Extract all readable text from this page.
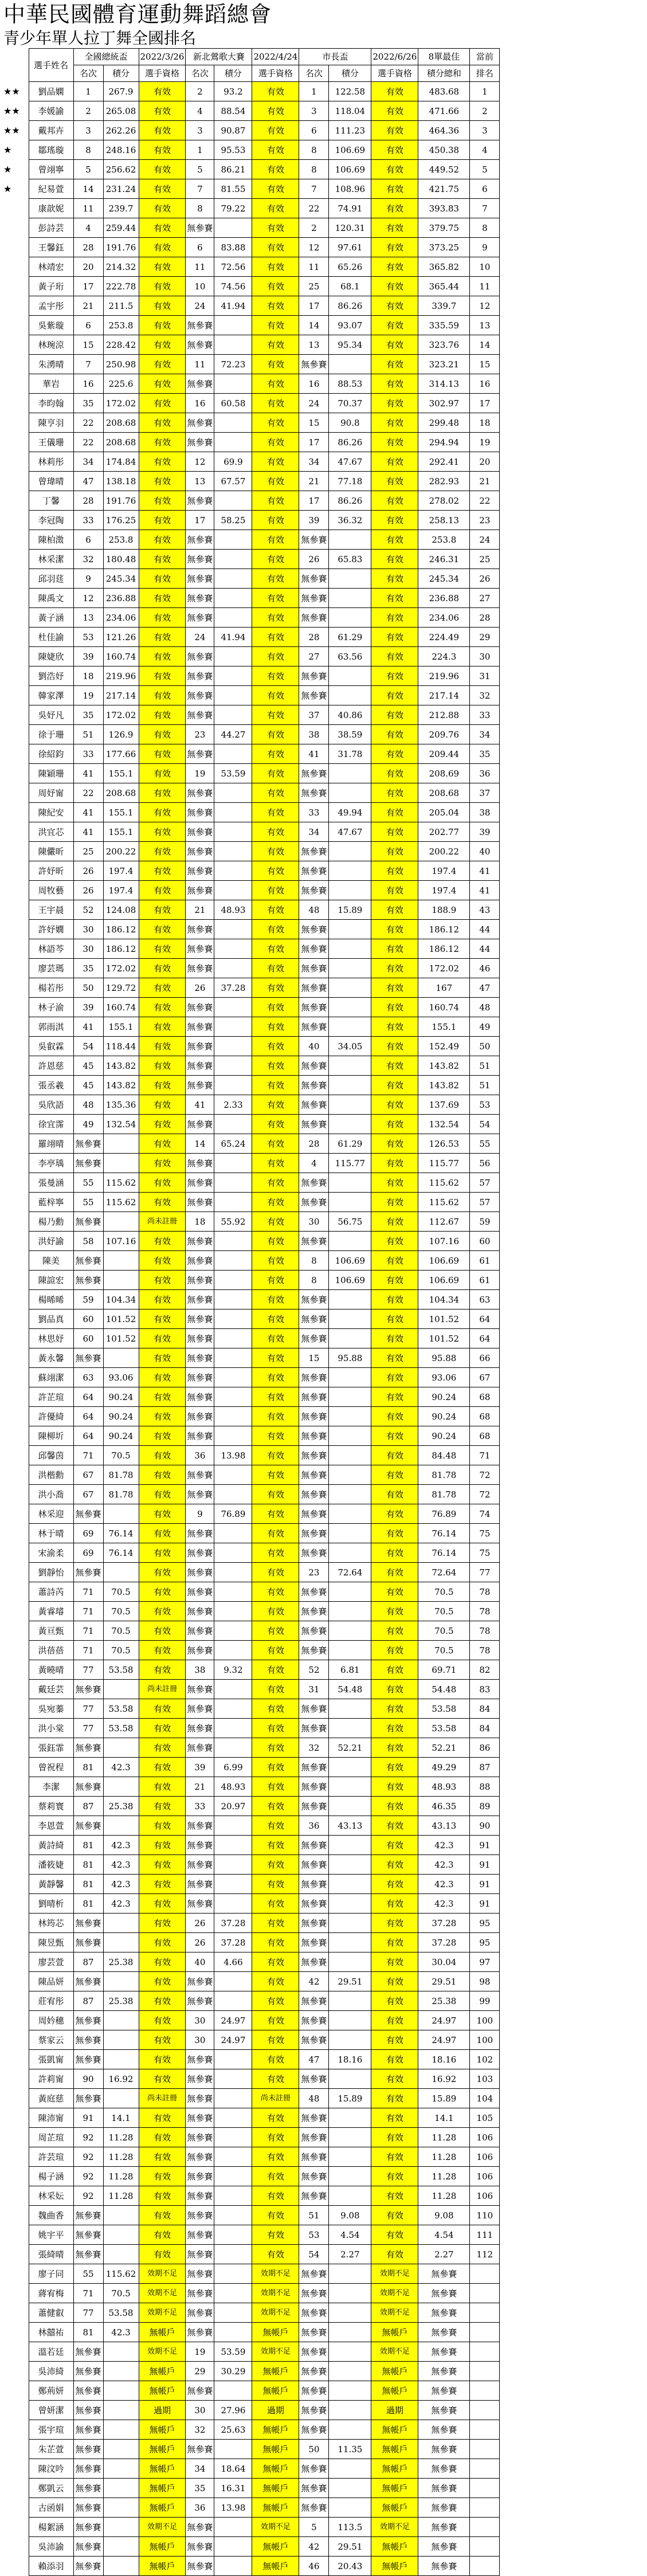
中華民國體育運動舞蹈總會
青少年單人拉丁舞全國排名
	選手姓名	全國總統盃		2022/3/26	新北鶯歌大賽		2022/4/24	市長盃		2022/6/26	8單最佳	當前
		名次	積分	選手資格	名次	積分	選手資格	名次	積分	選手資格	積分總和	排名
★★	劉品嫻	1	267.9	有效	2	93.2	有效	1	122.58	有效	483.68	1
★★	李媛諭	2	265.08	有效	4	88.54	有效	3	118.04	有效	471.66	2
★★	戴邦卉	3	262.26	有效	3	90.87	有效	6	111.23	有效	464.36	3
★	鄒瑤璇	8	248.16	有效	1	95.53	有效	8	106.69	有效	450.38	4
★	曾翊寧	5	256.62	有效	5	86.21	有效	8	106.69	有效	449.52	5
★	紀易萱	14	231.24	有效	7	81.55	有效	7	108.96	有效	421.75	6
	康歆妮	11	239.7	有效	8	79.22	有效	22	74.91	有效	393.83	7
	彭詩芸	4	259.44	有效	無參賽		有效	2	120.31	有效	379.75	8
	王馨鈺	28	191.76	有效	6	83.88	有效	12	97.61	有效	373.25	9
	林靖宏	20	214.32	有效	11	72.56	有效	11	65.26	有效	365.82	10
	黃子珩	17	222.78	有效	10	74.56	有效	25	68.1	有效	365.44	11
	孟宇彤	21	211.5	有效	24	41.94	有效	17	86.26	有效	339.7	12
	吳紫璇	6	253.8	有效	無參賽		有效	14	93.07	有效	335.59	13
	林琬涼	15	228.42	有效	無參賽		有效	13	95.34	有效	323.76	14
	朱湧晴	7	250.98	有效	11	72.23	有效	無參賽		有效	323.21	15
	華岩	16	225.6	有效	無參賽		有效	16	88.53	有效	314.13	16
	李昀翰	35	172.02	有效	16	60.58	有效	24	70.37	有效	302.97	17
	陳亨羽	22	208.68	有效	無參賽		有效	15	90.8	有效	299.48	18
	王儀珊	22	208.68	有效	無參賽		有效	17	86.26	有效	294.94	19
	林莉彤	34	174.84	有效	12	69.9	有效	34	47.67	有效	292.41	20
	曾瑋晴	47	138.18	有效	13	67.57	有效	21	77.18	有效	282.93	21
	丁馨	28	191.76	有效	無參賽		有效	17	86.26	有效	278.02	22
	李冠陶	33	176.25	有效	17	58.25	有效	39	36.32	有效	258.13	23
	陳柏澂	6	253.8	有效	無參賽		有效	無參賽		有效	253.8	24
	林采潔	32	180.48	有效	無參賽		有效	26	65.83	有效	246.31	25
	邱羽莛	9	245.34	有效	無參賽		有效	無參賽		有效	245.34	26
	陳禹文	12	236.88	有效	無參賽		有效	無參賽		有效	236.88	27
	黃子涵	13	234.06	有效	無參賽		有效	無參賽		有效	234.06	28
	杜佳諭	53	121.26	有效	24	41.94	有效	28	61.29	有效	224.49	29
	陳婕欣	39	160.74	有效	無參賽		有效	27	63.56	有效	224.3	30
	劉浩妤	18	219.96	有效	無參賽		有效	無參賽		有效	219.96	31
	韓家澤	19	217.14	有效	無參賽		有效	無參賽		有效	217.14	32
	吳妤凡	35	172.02	有效	無參賽		有效	37	40.86	有效	212.88	33
	徐于珊	51	126.9	有效	23	44.27	有效	38	38.59	有效	209.76	34
	徐紹鈞	33	177.66	有效	無參賽		有效	41	31.78	有效	209.44	35
	陳穎珊	41	155.1	有效	19	53.59	有效	無參賽		有效	208.69	36
	周妤甯	22	208.68	有效	無參賽		有效	無參賽		有效	208.68	37
	陳紀安	41	155.1	有效	無參賽		有效	33	49.94	有效	205.04	38
	洪宜芯	41	155.1	有效	無參賽		有效	34	47.67	有效	202.77	39
	陳儼昕	25	200.22	有效	無參賽		有效	無參賽		有效	200.22	40
	許妤昕	26	197.4	有效	無參賽		有效	無參賽		有效	197.4	41
	周牧藝	26	197.4	有效	無參賽		有效	無參賽		有效	197.4	41
	王宇晨	52	124.08	有效	21	48.93	有效	48	15.89	有效	188.9	43
	許妤嫺	30	186.12	有效	無參賽		有效	無參賽		有效	186.12	44
	林語芩	30	186.12	有效	無參賽		有效	無參賽		有效	186.12	44
	廖芸瑪	35	172.02	有效	無參賽		有效	無參賽		有效	172.02	46
	楊若彤	50	129.72	有效	26	37.28	有效	無參賽		有效	167	47
	林子渝	39	160.74	有效	無參賽		有效	無參賽		有效	160.74	48
	郭雨淇	41	155.1	有效	無參賽		有效	無參賽		有效	155.1	49
	吳叡霖	54	118.44	有效	無參賽		有效	40	34.05	有效	152.49	50
	許恩慈	45	143.82	有效	無參賽		有效	無參賽		有效	143.82	51
	張丞羲	45	143.82	有效	無參賽		有效	無參賽		有效	143.82	51
	吳欣語	48	135.36	有效	41	2.33	有效	無參賽		有效	137.69	53
	徐宜霈	49	132.54	有效	無參賽		有效	無參賽		有效	132.54	54
	羅翊晴	無參賽		有效	14	65.24	有效	28	61.29	有效	126.53	55
	李亭瑀	無參賽		有效	無參賽		有效	4	115.77	有效	115.77	56
	張曼涵	55	115.62	有效	無參賽		有效	無參賽		有效	115.62	57
	藍梓寧	55	115.62	有效	無參賽		有效	無參賽		有效	115.62	57
	楊乃勳	無參賽		尚未註冊	18	55.92	有效	30	56.75	有效	112.67	59
	洪妤諭	58	107.16	有效	無參賽		有效	無參賽		有效	107.16	60
	陳美	無參賽		有效	無參賽		有效	8	106.69	有效	106.69	61
	陳諠宏	無參賽		有效	無參賽		有效	8	106.69	有效	106.69	61
	楊晞晞	59	104.34	有效	無參賽		有效	無參賽		有效	104.34	63
	劉品真	60	101.52	有效	無參賽		有效	無參賽		有效	101.52	64
	林思妤	60	101.52	有效	無參賽		有效	無參賽		有效	101.52	64
	黃永馨	無參賽		有效	無參賽		有效	15	95.88	有效	95.88	66
	蘇翊潔	63	93.06	有效	無參賽		有效	無參賽		有效	93.06	67
	許芷瑄	64	90.24	有效	無參賽		有效	無參賽		有效	90.24	68
	許優綺	64	90.24	有效	無參賽		有效	無參賽		有效	90.24	68
	陳柳圻	64	90.24	有效	無參賽		有效	無參賽		有效	90.24	68
	邱馨茵	71	70.5	有效	36	13.98	有效	無參賽		有效	84.48	71
	洪楷勳	67	81.78	有效	無參賽		有效	無參賽		有效	81.78	72
	洪小喬	67	81.78	有效	無參賽		有效	無參賽		有效	81.78	72
	林采迎	無參賽		有效	9	76.89	有效	無參賽		有效	76.89	74
	林于晴	69	76.14	有效	無參賽		有效	無參賽		有效	76.14	75
	宋渝柔	69	76.14	有效	無參賽		有效	無參賽		有效	76.14	75
	劉靜怡	無參賽		有效	無參賽		有效	23	72.64	有效	72.64	77
	蕭詩芮	71	70.5	有效	無參賽		有效	無參賽		有效	70.5	78
	黃睿璿	71	70.5	有效	無參賽		有效	無參賽		有效	70.5	78
	黃亘甄	71	70.5	有效	無參賽		有效	無參賽		有效	70.5	78
	洪蓓蓓	71	70.5	有效	無參賽		有效	無參賽		有效	70.5	78
	黃曉晴	77	53.58	有效	38	9.32	有效	52	6.81	有效	69.71	82
	戴廷芸	無參賽		尚未註冊	無參賽		有效	31	54.48	有效	54.48	83
	吳宛蓁	77	53.58	有效	無參賽		有效	無參賽		有效	53.58	84
	洪小棠	77	53.58	有效	無參賽		有效	無參賽		有效	53.58	84
	張鈺霏	無參賽		有效	無參賽		有效	32	52.21	有效	52.21	86
	曾祝程	81	42.3	有效	39	6.99	有效	無參賽		有效	49.29	87
	李潔	無參賽		有效	21	48.93	有效	無參賽		有效	48.93	88
	蔡莉寰	87	25.38	有效	33	20.97	有效	無參賽		有效	46.35	89
	李恩萱	無參賽		有效	無參賽		有效	36	43.13	有效	43.13	90
	黃詩綺	81	42.3	有效	無參賽		有效	無參賽		有效	42.3	91
	潘筱婕	81	42.3	有效	無參賽		有效	無參賽		有效	42.3	91
	黃靜馨	81	42.3	有效	無參賽		有效	無參賽		有效	42.3	91
	劉晴析	81	42.3	有效	無參賽		有效	無參賽		有效	42.3	91
	林筠芯	無參賽		有效	26	37.28	有效	無參賽		有效	37.28	95
	陳昱甄	無參賽		有效	26	37.28	有效	無參賽		有效	37.28	95
	廖芸萱	87	25.38	有效	40	4.66	有效	無參賽		有效	30.04	97
	陳品妍	無參賽		有效	無參賽		有效	42	29.51	有效	29.51	98
	莊宥彤	87	25.38	有效	無參賽		有效	無參賽		有效	25.38	99
	周妗穗	無參賽		有效	30	24.97	有效	無參賽		有效	24.97	100
	蔡家云	無參賽		有效	30	24.97	有效	無參賽		有效	24.97	100
	張凱甯	無參賽		有效	無參賽		有效	47	18.16	有效	18.16	102
	許莉甯	90	16.92	有效	無參賽		有效	無參賽		有效	16.92	103
	黃庭慈	無參賽		尚未註冊	無參賽		尚未註冊	48	15.89	有效	15.89	104
	陳沛甯	91	14.1	有效	無參賽		有效	無參賽		有效	14.1	105
	周芷瑄	92	11.28	有效	無參賽		有效	無參賽		有效	11.28	106
	許芸瑄	92	11.28	有效	無參賽		有效	無參賽		有效	11.28	106
	楊子涵	92	11.28	有效	無參賽		有效	無參賽		有效	11.28	106
	林采妘	92	11.28	有效	無參賽		有效	無參賽		有效	11.28	106
	魏曲香	無參賽		有效	無參賽		有效	51	9.08	有效	9.08	110
	姚宇平	無參賽		有效	無參賽		有效	53	4.54	有效	4.54	111
	張綺晴	無參賽		有效	無參賽		有效	54	2.27	有效	2.27	112
	廖子同	55	115.62	效期不足	無參賽		效期不足	無參賽		效期不足	無參賽	
	蔣宥梅	71	70.5	效期不足	無參賽		效期不足	無參賽		效期不足	無參賽	
	蕭健叡	77	53.58	效期不足	無參賽		效期不足	無參賽		效期不足	無參賽	
	林囍祐	81	42.3	無帳戶	無參賽		無帳戶	無參賽		無帳戶	無參賽	
	溫若廷	無參賽		效期不足	19	53.59	效期不足	無參賽		效期不足	無參賽	
	吳沛綺	無參賽		無帳戶	29	30.29	無帳戶	無參賽		無帳戶	無參賽	
	鄭荊妍	無參賽		無帳戶	無參賽		無帳戶	無參賽		無帳戶	無參賽	
	曾妍潔	無參賽		過期	30	27.96	過期	無參賽		過期	無參賽	
	張宇瑄	無參賽		無帳戶	32	25.63	無帳戶	無參賽		無帳戶	無參賽	
	朱芷萱	無參賽		無帳戶	無參賽		無帳戶	50	11.35	無帳戶	無參賽	
	陳汶吟	無參賽		無帳戶	34	18.64	無帳戶	無參賽		無帳戶	無參賽	
	鄭凱云	無參賽		無帳戶	35	16.31	無帳戶	無參賽		無帳戶	無參賽	
	古函娟	無參賽		無帳戶	36	13.98	無帳戶	無參賽		無帳戶	無參賽	
	楊絮涵	無參賽		效期不足	無參賽		效期不足	5	113.5	效期不足	無參賽	
	吳沛諭	無參賽		無帳戶	無參賽		無帳戶	42	29.51	無帳戶	無參賽	
	賴添羽	無參賽		無帳戶	無參賽		無帳戶	46	20.43	無帳戶	無參賽	
